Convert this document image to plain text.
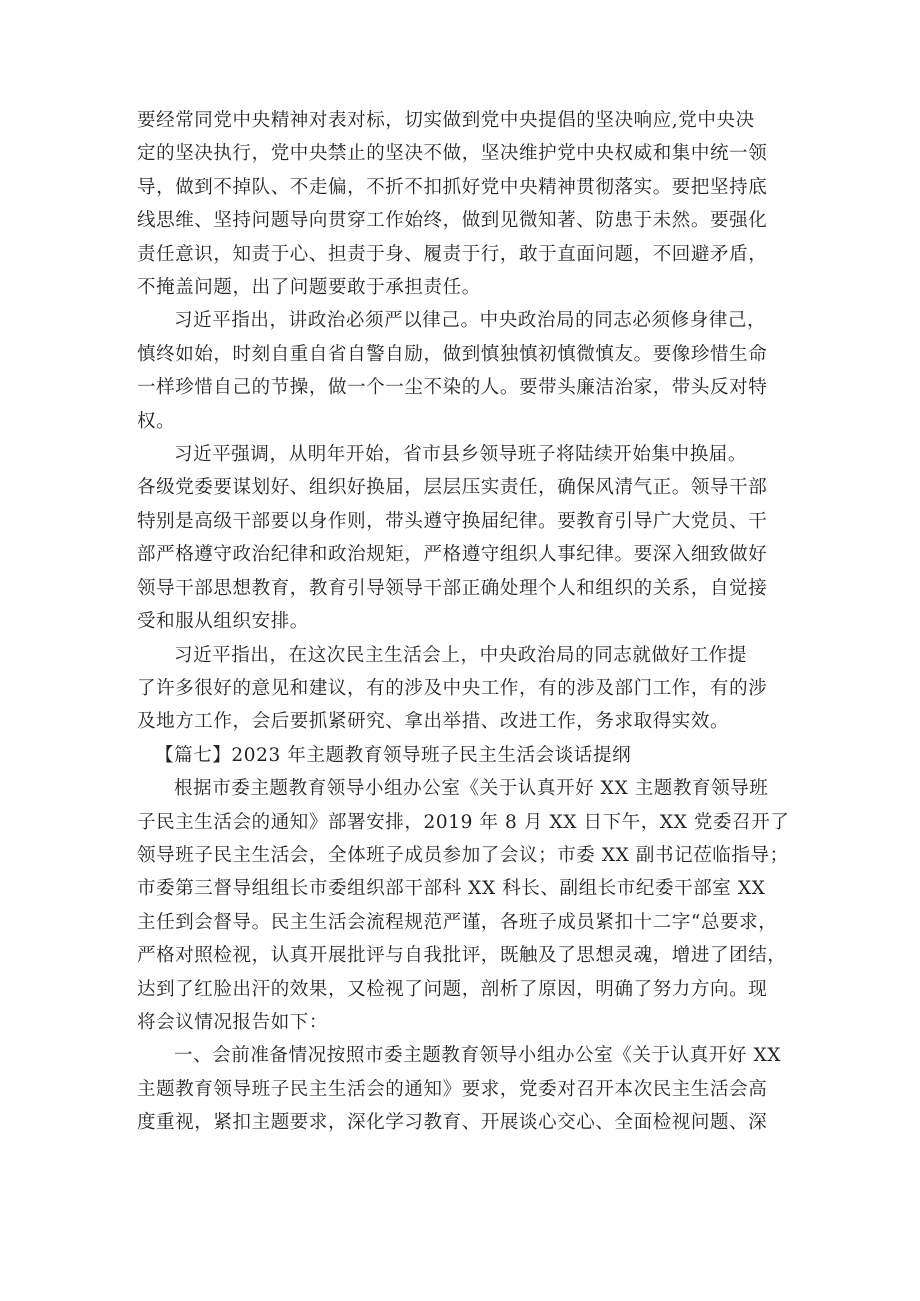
要经常同党中央精神对表对标，切实做到党中央提倡的坚决响应,党中央决
定的坚决执行，党中央禁止的坚决不做，坚决维护党中央权威和集中统一领
导，做到不掉队、不走偏，不折不扣抓好党中央精神贯彻落实。要把坚持底
线思维、坚持问题导向贯穿工作始终，做到见微知著、防患于未然。要强化
责任意识，知责于心、担责于身、履责于行，敢于直面问题，不回避矛盾，
不掩盖问题，出了问题要敢于承担责任。

习近平指出，讲政治必须严以律己。中央政治局的同志必须修身律己，
慎终如始，时刻自重自省自警自励，做到慎独慎初慎微慎友。要像珍惜生命
一样珍惜自己的节操，做一个一尘不染的人。要带头廉洁治家，带头反对特
权。

习近平强调，从明年开始，省市县乡领导班子将陆续开始集中换届。
各级党委要谋划好、组织好换届，层层压实责任，确保风清气正。领导干部
特别是高级干部要以身作则，带头遵守换届纪律。要教育引导广大党员、干
部严格遵守政治纪律和政治规矩，严格遵守组织人事纪律。要深入细致做好
领导干部思想教育，教育引导领导干部正确处理个人和组织的关系，自觉接
受和服从组织安排。

习近平指出，在这次民主生活会上，中央政治局的同志就做好工作提
了许多很好的意见和建议，有的涉及中央工作，有的涉及部门工作，有的涉
及地方工作，会后要抓紧研究、拿出举措、改进工作，务求取得实效。

【篇七】2023 年主题教育领导班子民主生活会谈话提纲

根据市委主题教育领导小组办公室《关于认真开好 XX 主题教育领导班
子民主生活会的通知》部署安排，2019 年 8 月 XX 日下午，XX 党委召开了
领导班子民主生活会，全体班子成员参加了会议；市委 XX 副书记莅临指导；
市委第三督导组组长市委组织部干部科 XX 科长、副组长市纪委干部室 XX
主任到会督导。民主生活会流程规范严谨，各班子成员紧扣十二字“总要求，
严格对照检视，认真开展批评与自我批评，既触及了思想灵魂，增进了团结，
达到了红脸出汗的效果，又检视了问题，剖析了原因，明确了努力方向。现
将会议情况报告如下：

一、会前准备情况按照市委主题教育领导小组办公室《关于认真开好 XX
主题教育领导班子民主生活会的通知》要求，党委对召开本次民主生活会高
度重视，紧扣主题要求，深化学习教育、开展谈心交心、全面检视问题、深
